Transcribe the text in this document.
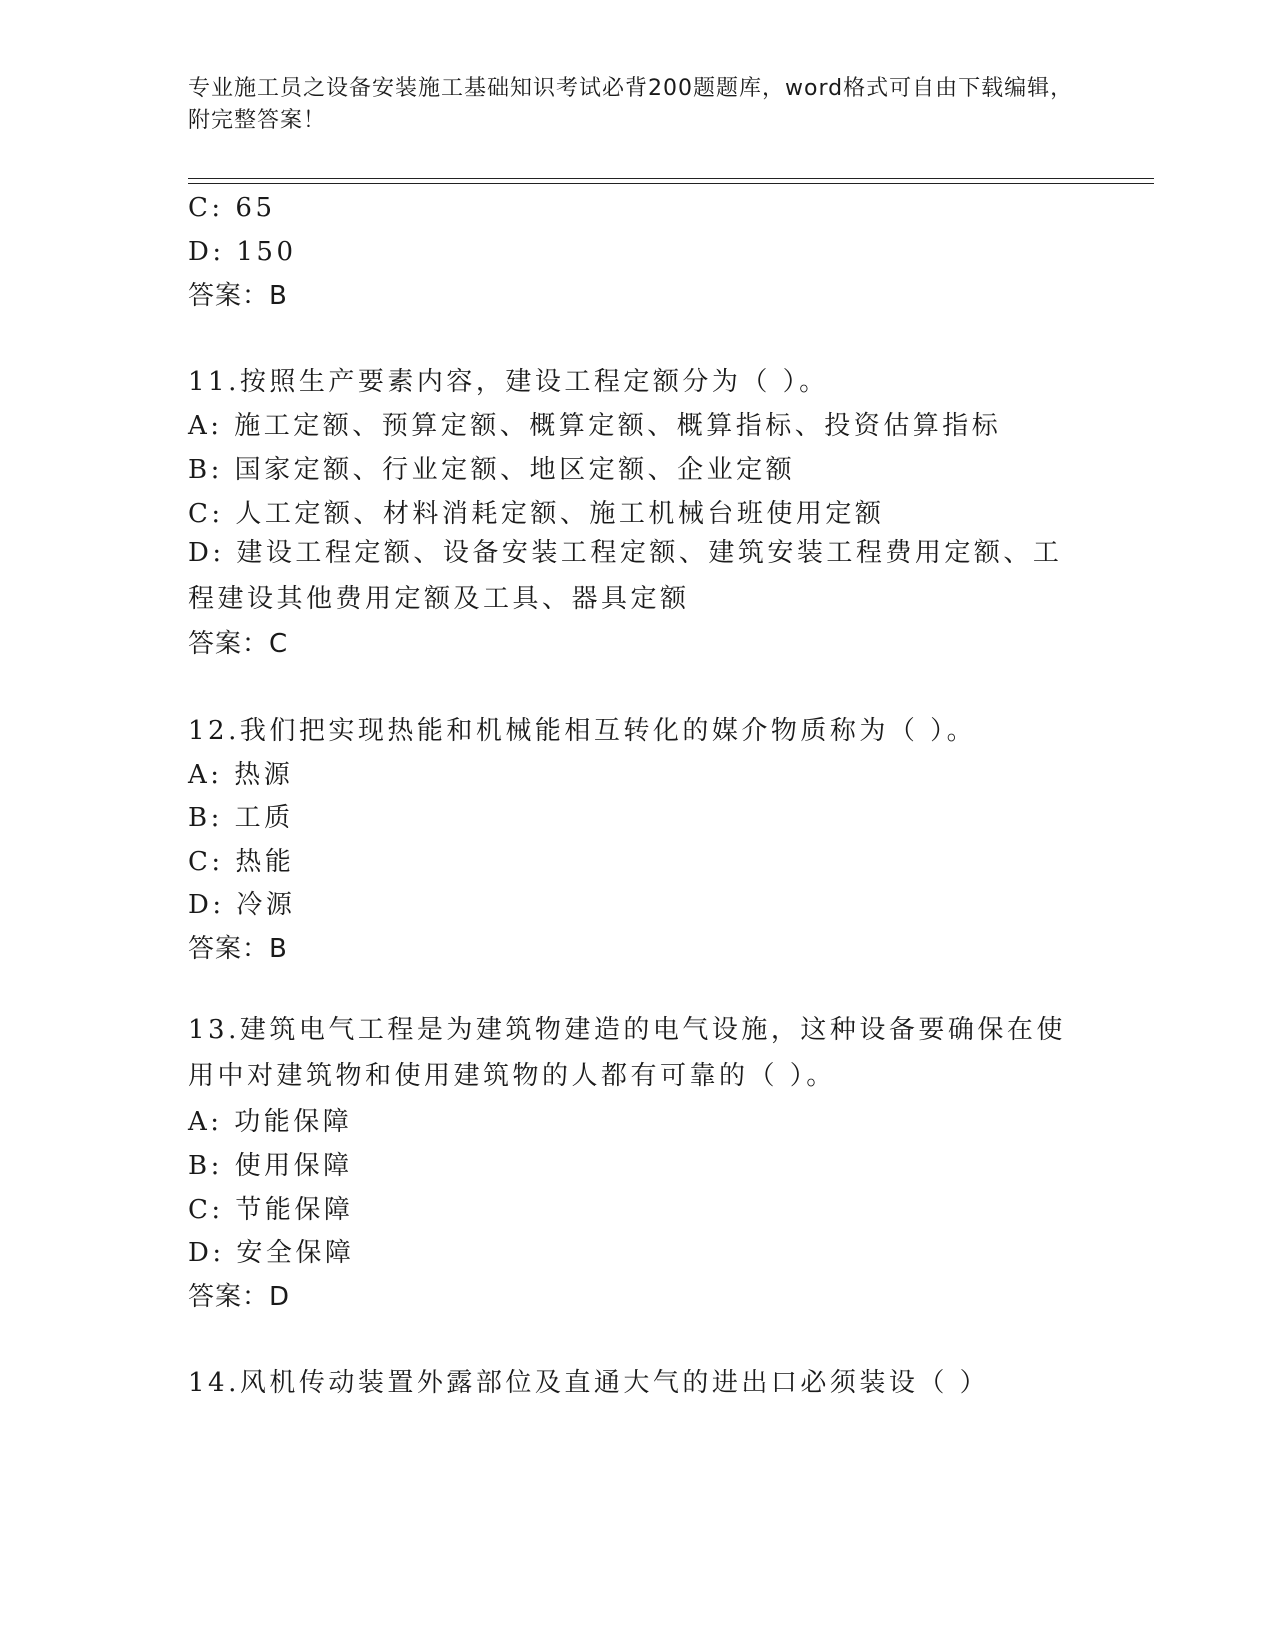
专业施工员之设备安装施工基础知识考试必背200题题库，word格式可自由下载编辑，附完整答案！
C: 65
D: 150
答案：B
11.按照生产要素内容，建设工程定额分为（ ）。
A: 施工定额、预算定额、概算定额、概算指标、投资估算指标
B: 国家定额、行业定额、地区定额、企业定额
C: 人工定额、材料消耗定额、施工机械台班使用定额
D: 建设工程定额、设备安装工程定额、建筑安装工程费用定额、工程建设其他费用定额及工具、器具定额
答案：C
12.我们把实现热能和机械能相互转化的媒介物质称为（ ）。
A: 热源
B: 工质
C: 热能
D: 冷源
答案：B
13.建筑电气工程是为建筑物建造的电气设施，这种设备要确保在使用中对建筑物和使用建筑物的人都有可靠的（ ）。
A: 功能保障
B: 使用保障
C: 节能保障
D: 安全保障
答案：D
14.风机传动装置外露部位及直通大气的进出口必须装设（ ）
